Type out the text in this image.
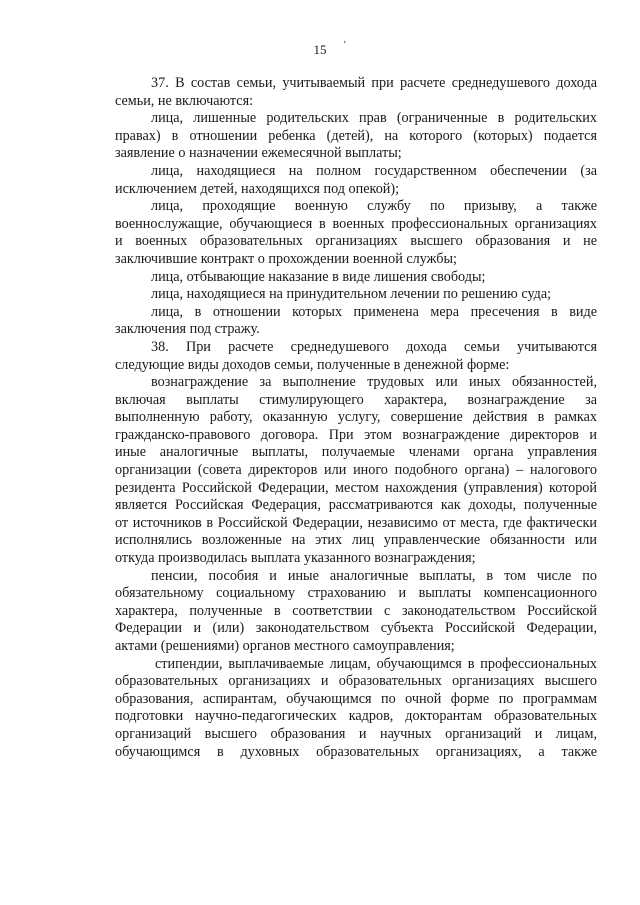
ʼ
15
37. В состав семьи, учитываемый при расчете среднедушевого дохода
семьи, не включаются:
лица, лишенные родительских прав (ограниченные в родительских
правах) в отношении ребенка (детей), на которого (которых) подается
заявление о назначении ежемесячной выплаты;
лица, находящиеся на полном государственном обеспечении (за
исключением детей, находящихся под опекой);
лица, проходящие военную службу по призыву, а также
военнослужащие, обучающиеся в военных профессиональных организациях
и военных образовательных организациях высшего образования и не
заключившие контракт о прохождении военной службы;
лица, отбывающие наказание в виде лишения свободы;
лица, находящиеся на принудительном лечении по решению суда;
лица, в отношении которых применена мера пресечения в виде
заключения под стражу.
38. При расчете среднедушевого дохода семьи учитываются
следующие виды доходов семьи, полученные в денежной форме:
вознаграждение за выполнение трудовых или иных обязанностей,
включая выплаты стимулирующего характера, вознаграждение за
выполненную работу, оказанную услугу, совершение действия в рамках
гражданско-правового договора. При этом вознаграждение директоров и
иные аналогичные выплаты, получаемые членами органа управления
организации (совета директоров или иного подобного органа) – налогового
резидента Российской Федерации, местом нахождения (управления) которой
является Российская Федерация, рассматриваются как доходы, полученные
от источников в Российской Федерации, независимо от места, где фактически
исполнялись возложенные на этих лиц управленческие обязанности или
откуда производилась выплата указанного вознаграждения;
пенсии, пособия и иные аналогичные выплаты, в том числе по
обязательному социальному страхованию и выплаты компенсационного
характера, полученные в соответствии с законодательством Российской
Федерации и (или) законодательством субъекта Российской Федерации,
актами (решениями) органов местного самоуправления;
стипендии, выплачиваемые лицам, обучающимся в профессиональных
образовательных организациях и образовательных организациях высшего
образования, аспирантам, обучающимся по очной форме по программам
подготовки научно-педагогических кадров, докторантам образовательных
организаций высшего образования и научных организаций и лицам,
обучающимся в духовных образовательных организациях, а также
